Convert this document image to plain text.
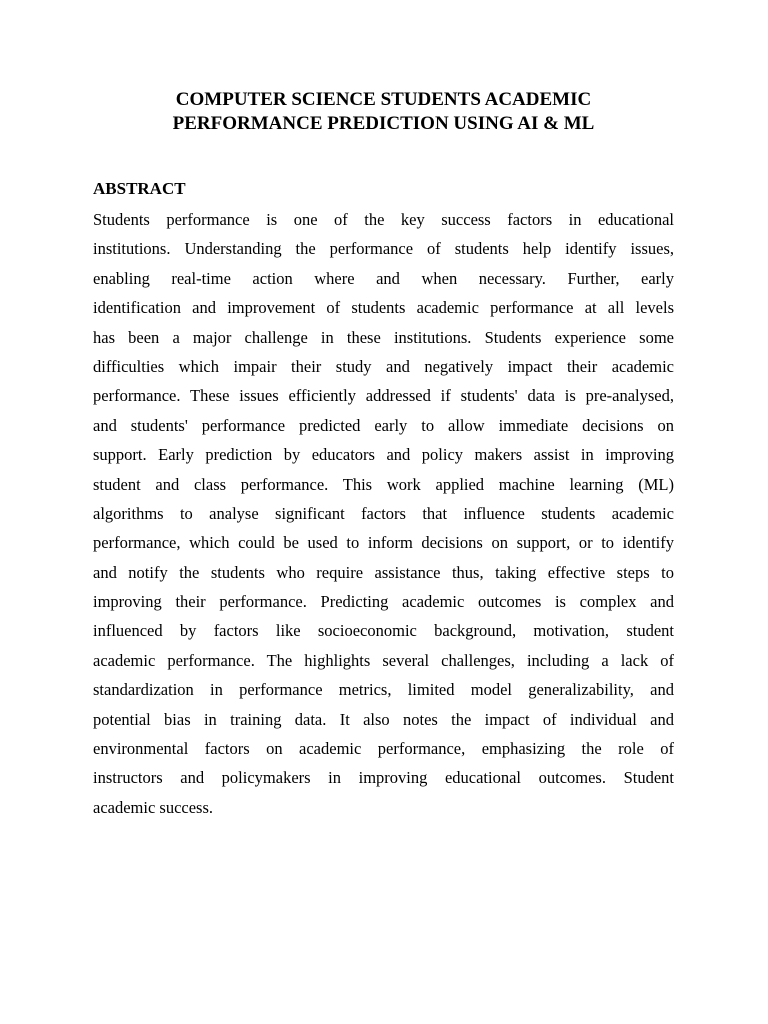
COMPUTER SCIENCE STUDENTS ACADEMIC
PERFORMANCE PREDICTION USING AI & ML
ABSTRACT
Students performance is one of the key success factors in educational
institutions. Understanding the performance of students help identify issues,
enabling real-time action where and when necessary. Further, early
identification and improvement of students academic performance at all levels
has been a major challenge in these institutions. Students experience some
difficulties which impair their study and negatively impact their academic
performance. These issues efficiently addressed if students' data is pre-analysed,
and students' performance predicted early to allow immediate decisions on
support. Early prediction by educators and policy makers assist in improving
student and class performance. This work applied machine learning (ML)
algorithms to analyse significant factors that influence students academic
performance, which could be used to inform decisions on support, or to identify
and notify the students who require assistance thus, taking effective steps to
improving their performance. Predicting academic outcomes is complex and
influenced by factors like socioeconomic background, motivation, student
academic performance. The highlights several challenges, including a lack of
standardization in performance metrics, limited model generalizability, and
potential bias in training data. It also notes the impact of individual and
environmental factors on academic performance, emphasizing the role of
instructors and policymakers in improving educational outcomes. Student
academic success.
